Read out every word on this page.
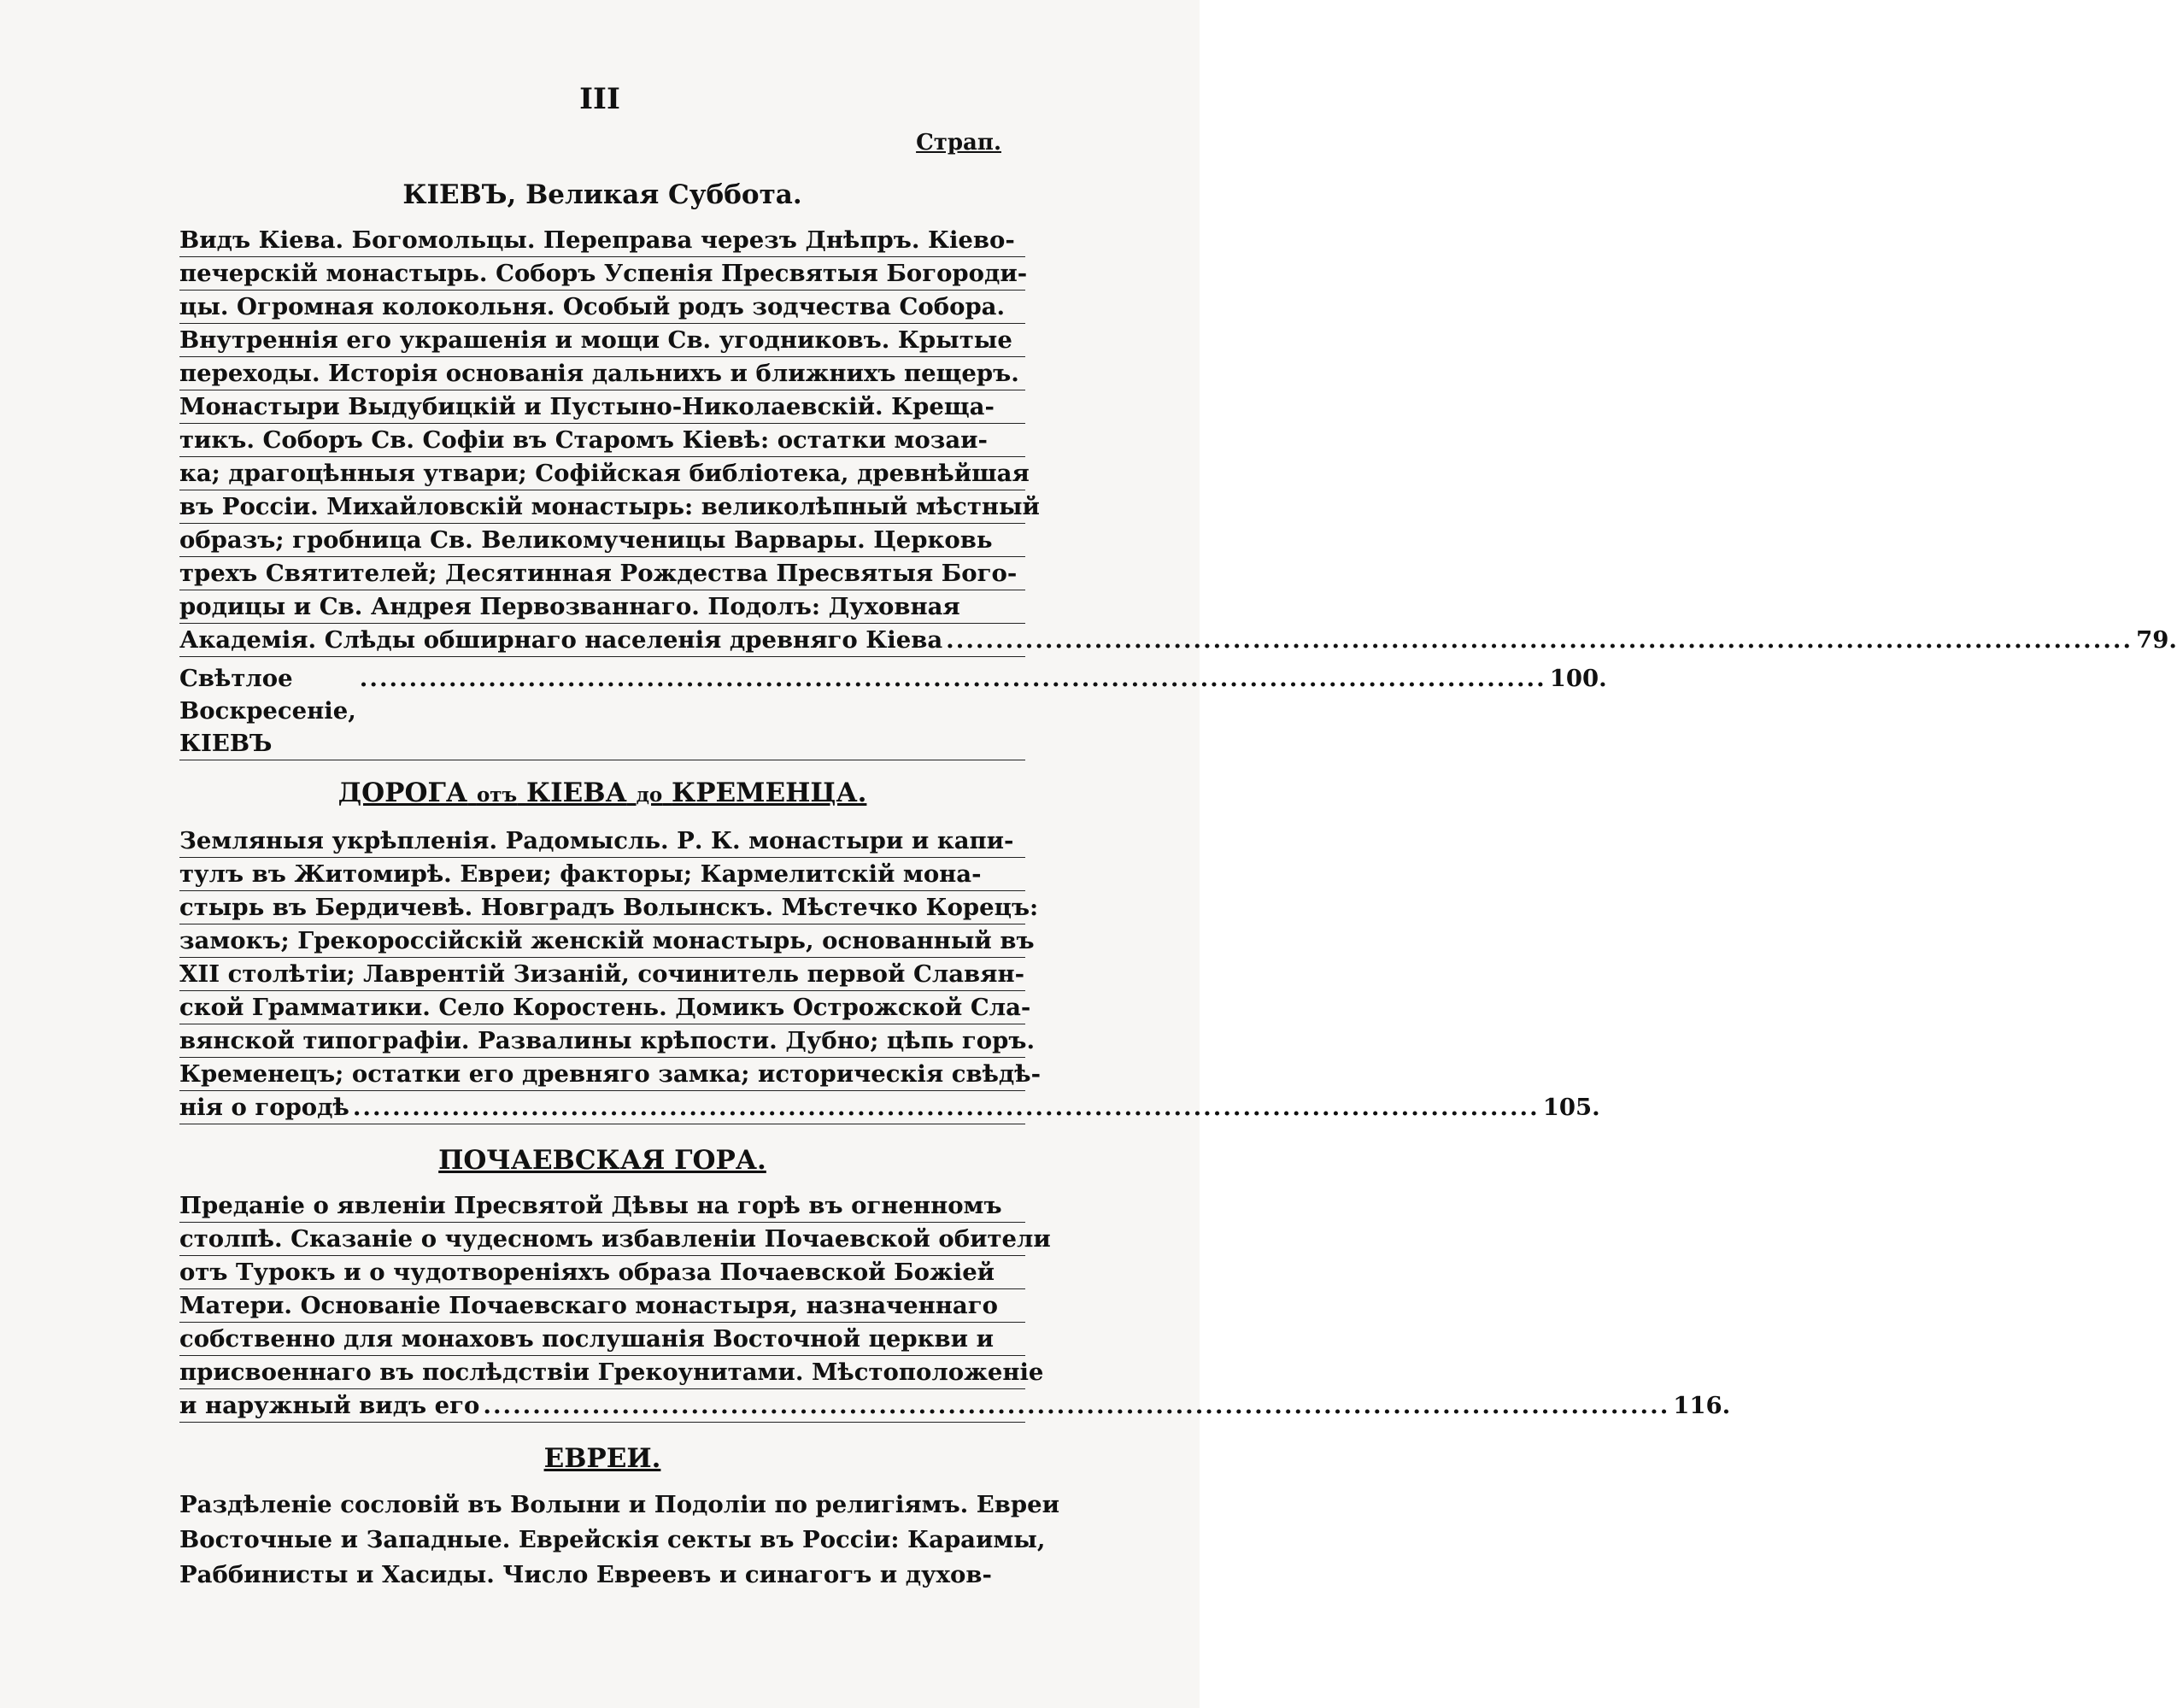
III
Страп.
КІЕВЪ, Великая Суббота.
Видъ Кіева. Богомольцы. Переправа черезъ Днѣпръ. Кіево-
печерскій монастырь. Соборъ Успенія Пресвятыя Богороди-
цы. Огромная колокольня. Особый родъ зодчества Собора.
Внутреннія его украшенія и мощи Св. угодниковъ. Крытые
переходы. Исторія основанія дальнихъ и ближнихъ пещеръ.
Монастыри Выдубицкій и Пустыно-Николаевскій. Креща-
тикъ. Соборъ Св. Софіи въ Старомъ Кіевѣ: остатки мозаи-
ка; драгоцѣнныя утвари; Софійская библіотека, древнѣйшая
въ Россіи. Михайловскій монастырь: великолѣпный мѣстный
образъ; гробница Св. Великомученицы Варвары. Церковь
трехъ Святителей; Десятинная Рождества Пресвятыя Бого-
родицы и Св. Андрея Первозваннаго. Подолъ: Духовная
Академія. Слѣды обширнаго населенія древняго Кіева ........................................................................................................................ 79.
Свѣтлое Воскресеніе, КІЕВЪ
........................................................................................................................ 100.
ДОРОГА отъ КІЕВА до КРЕМЕНЦА.
Земляныя укрѣпленія. Радомысль. Р. К. монастыри и капи-
тулъ въ Житомирѣ. Евреи; факторы; Кармелитскій мона-
стырь въ Бердичевѣ. Новградъ Волынскъ. Мѣстечко Корецъ:
замокъ; Грекороссійскій женскій монастырь, основанный въ
XII столѣтіи; Лаврентій Зизаній, сочинитель первой Славян-
ской Грамматики. Село Коростень. Домикъ Острожской Сла-
вянской типографіи. Развалины крѣпости. Дубно; цѣпь горъ.
Кременецъ; остатки его древняго замка; историческія свѣдѣ-
нія о городѣ ........................................................................................................................ 105.
ПОЧАЕВСКАЯ ГОРА.
Преданіе о явленіи Пресвятой Дѣвы на горѣ въ огненномъ
столпѣ. Сказаніе о чудесномъ избавленіи Почаевской обители
отъ Турокъ и о чудотвореніяхъ образа Почаевской Божіей
Матери. Основаніе Почаевскаго монастыря, назначеннаго
собственно для монаховъ послушанія Восточной церкви и
присвоеннаго въ послѣдствіи Грекоунитами. Мѣстоположеніе
и наружный видъ его ........................................................................................................................ 116.
ЕВРЕИ.
Раздѣленіе сословій въ Волыни и Подоліи по религіямъ. Евреи
Восточные и Западные. Еврейскія секты въ Россіи: Караимы,
Раббинисты и Хасиды. Число Евреевъ и синагогъ и духов-
